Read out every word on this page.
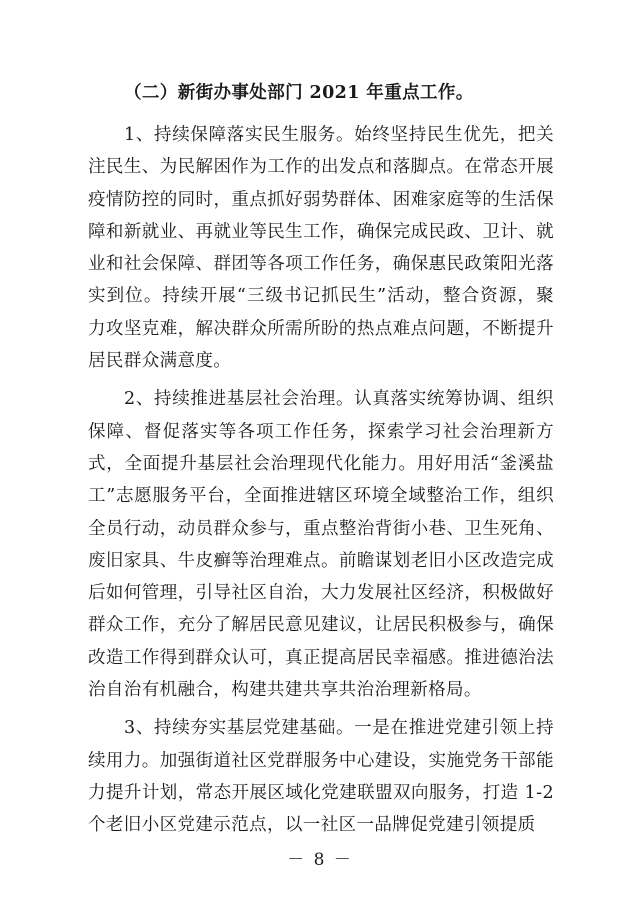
（二）新街办事处部门 2021 年重点工作。

1、持续保障落实民生服务。始终坚持民生优先，把关注民生、为民解困作为工作的出发点和落脚点。在常态开展疫情防控的同时，重点抓好弱势群体、困难家庭等的生活保障和新就业、再就业等民生工作，确保完成民政、卫计、就业和社会保障、群团等各项工作任务，确保惠民政策阳光落实到位。持续开展“三级书记抓民生”活动，整合资源，聚力攻坚克难，解决群众所需所盼的热点难点问题，不断提升居民群众满意度。

2、持续推进基层社会治理。认真落实统筹协调、组织保障、督促落实等各项工作任务，探索学习社会治理新方式，全面提升基层社会治理现代化能力。用好用活“釜溪盐工”志愿服务平台，全面推进辖区环境全域整治工作，组织全员行动，动员群众参与，重点整治背街小巷、卫生死角、废旧家具、牛皮癣等治理难点。前瞻谋划老旧小区改造完成后如何管理，引导社区自治，大力发展社区经济，积极做好群众工作，充分了解居民意见建议，让居民积极参与，确保改造工作得到群众认可，真正提高居民幸福感。推进德治法治自治有机融合，构建共建共享共治治理新格局。

3、持续夯实基层党建基础。一是在推进党建引领上持续用力。加强街道社区党群服务中心建设，实施党务干部能力提升计划，常态开展区域化党建联盟双向服务，打造 1-2 个老旧小区党建示范点，以一社区一品牌促党建引领提质

－ 8 －
